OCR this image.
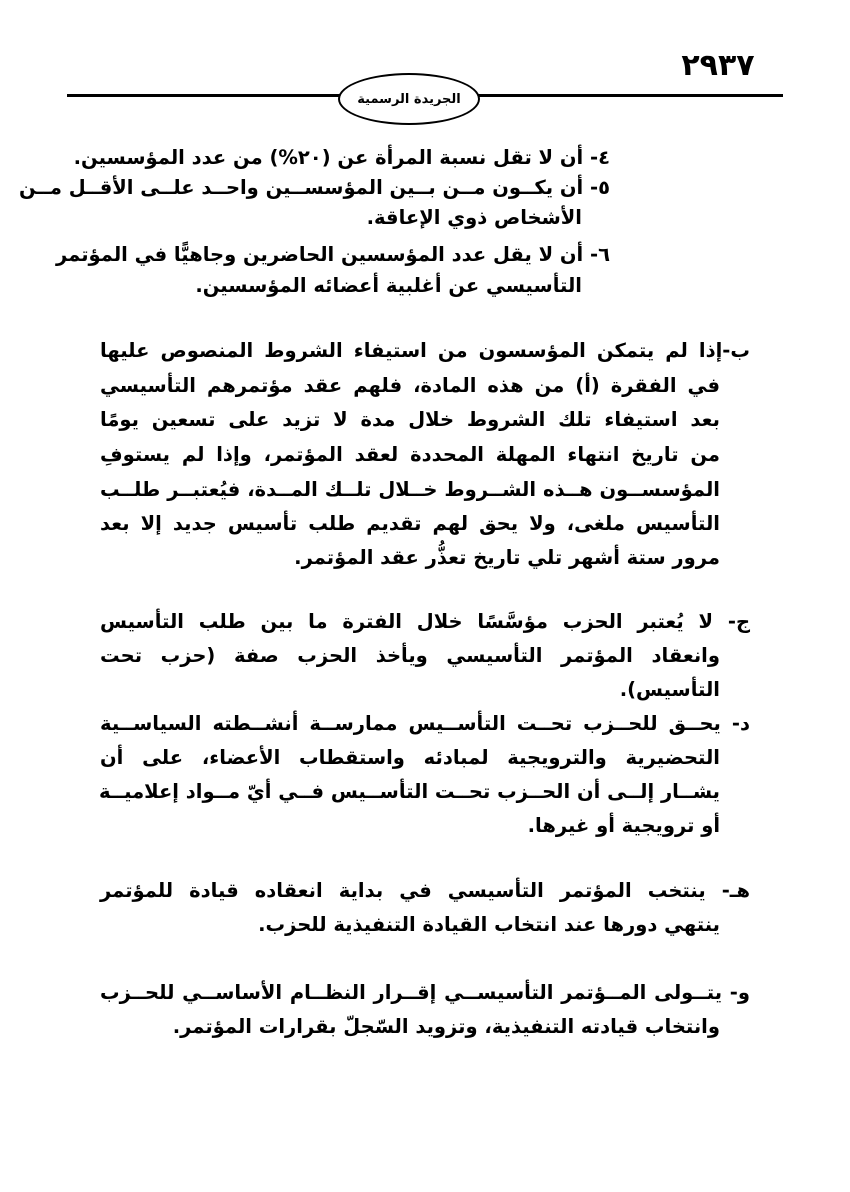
٢٩٣٧
الجريدة الرسمية
٤- أن لا تقل نسبة المرأة عن (٢٠%) من عدد المؤسسين.
٥- أن يكــون مــن بــين المؤسســين واحــد علــى الأقــل مــن
الأشخاص ذوي الإعاقة.
٦- أن لا يقل عدد المؤسسين الحاضرين وجاهيًّا في المؤتمر
التأسيسي عن أغلبية أعضائه المؤسسين.
ب-إذا لم يتمكن المؤسسون من استيفاء الشروط المنصوص عليها
في الفقرة (أ) من هذه المادة، فلهم عقد مؤتمرهم التأسيسي
بعد استيفاء تلك الشروط خلال مدة لا تزيد على تسعين يومًا
من تاريخ انتهاء المهلة المحددة لعقد المؤتمر، وإذا لم يستوفِ
المؤسســون هــذه الشــروط خــلال تلــك المــدة، فيُعتبــر طلــب
التأسيس ملغى، ولا يحق لهم تقديم طلب تأسيس جديد إلا بعد
مرور ستة أشهر تلي تاريخ تعذُّر عقد المؤتمر.
ج- لا يُعتبر الحزب مؤسَّسًا خلال الفترة ما بين طلب التأسيس
وانعقاد المؤتمر التأسيسي ويأخذ الحزب صفة (حزب تحت
التأسيس).
د- يحــق للحــزب تحــت التأســيس ممارســة أنشــطته السياســية
التحضيرية والترويجية لمبادئه واستقطاب الأعضاء، على أن
يشــار إلــى أن الحــزب تحــت التأســيس فــي أيّ مــواد إعلاميــة
أو ترويجية أو غيرها.
هـ- ينتخب المؤتمر التأسيسي في بداية انعقاده قيادة للمؤتمر
ينتهي دورها عند انتخاب القيادة التنفيذية للحزب.
و- يتــولى المــؤتمر التأسيســي إقــرار النظــام الأساســي للحــزب
وانتخاب قيادته التنفيذية، وتزويد السّجلّ بقرارات المؤتمر.
